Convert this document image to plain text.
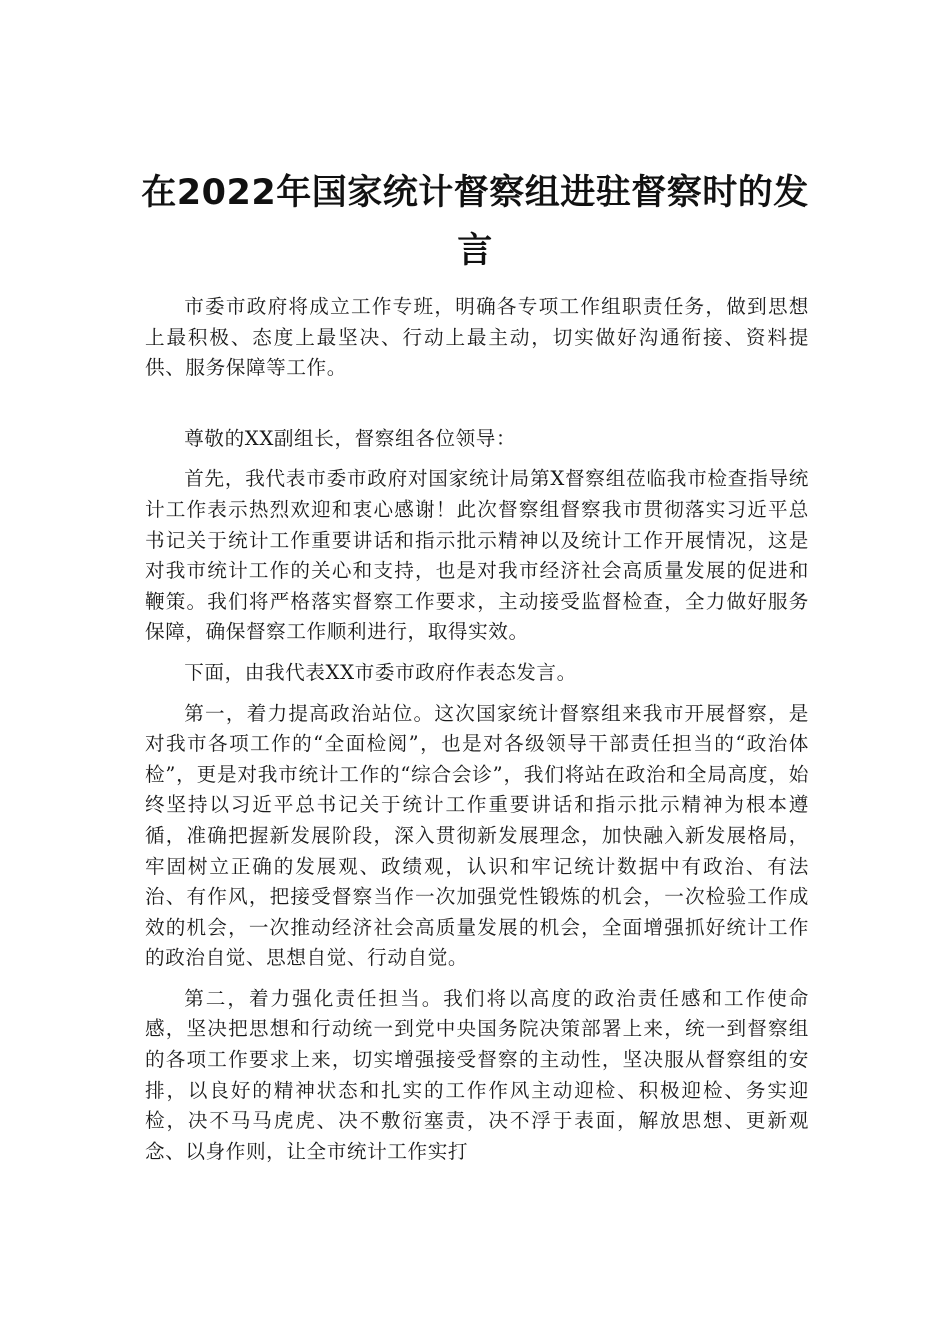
在2022年国家统计督察组进驻督察时的发言

市委市政府将成立工作专班，明确各专项工作组职责任务，做到思想上最积极、态度上最坚决、行动上最主动，切实做好沟通衔接、资料提供、服务保障等工作。

尊敬的XX副组长，督察组各位领导：

首先，我代表市委市政府对国家统计局第X督察组莅临我市检查指导统计工作表示热烈欢迎和衷心感谢！此次督察组督察我市贯彻落实习近平总书记关于统计工作重要讲话和指示批示精神以及统计工作开展情况，这是对我市统计工作的关心和支持，也是对我市经济社会高质量发展的促进和鞭策。我们将严格落实督察工作要求，主动接受监督检查，全力做好服务保障，确保督察工作顺利进行，取得实效。

下面，由我代表XX市委市政府作表态发言。

第一，着力提高政治站位。这次国家统计督察组来我市开展督察，是对我市各项工作的“全面检阅”，也是对各级领导干部责任担当的“政治体检”，更是对我市统计工作的“综合会诊”，我们将站在政治和全局高度，始终坚持以习近平总书记关于统计工作重要讲话和指示批示精神为根本遵循，准确把握新发展阶段，深入贯彻新发展理念，加快融入新发展格局，牢固树立正确的发展观、政绩观，认识和牢记统计数据中有政治、有法治、有作风，把接受督察当作一次加强党性锻炼的机会，一次检验工作成效的机会，一次推动经济社会高质量发展的机会，全面增强抓好统计工作的政治自觉、思想自觉、行动自觉。

第二，着力强化责任担当。我们将以高度的政治责任感和工作使命感，坚决把思想和行动统一到党中央国务院决策部署上来，统一到督察组的各项工作要求上来，切实增强接受督察的主动性，坚决服从督察组的安排，以良好的精神状态和扎实的工作作风主动迎检、积极迎检、务实迎检，决不马马虎虎、决不敷衍塞责，决不浮于表面，解放思想、更新观念、以身作则，让全市统计工作实打
